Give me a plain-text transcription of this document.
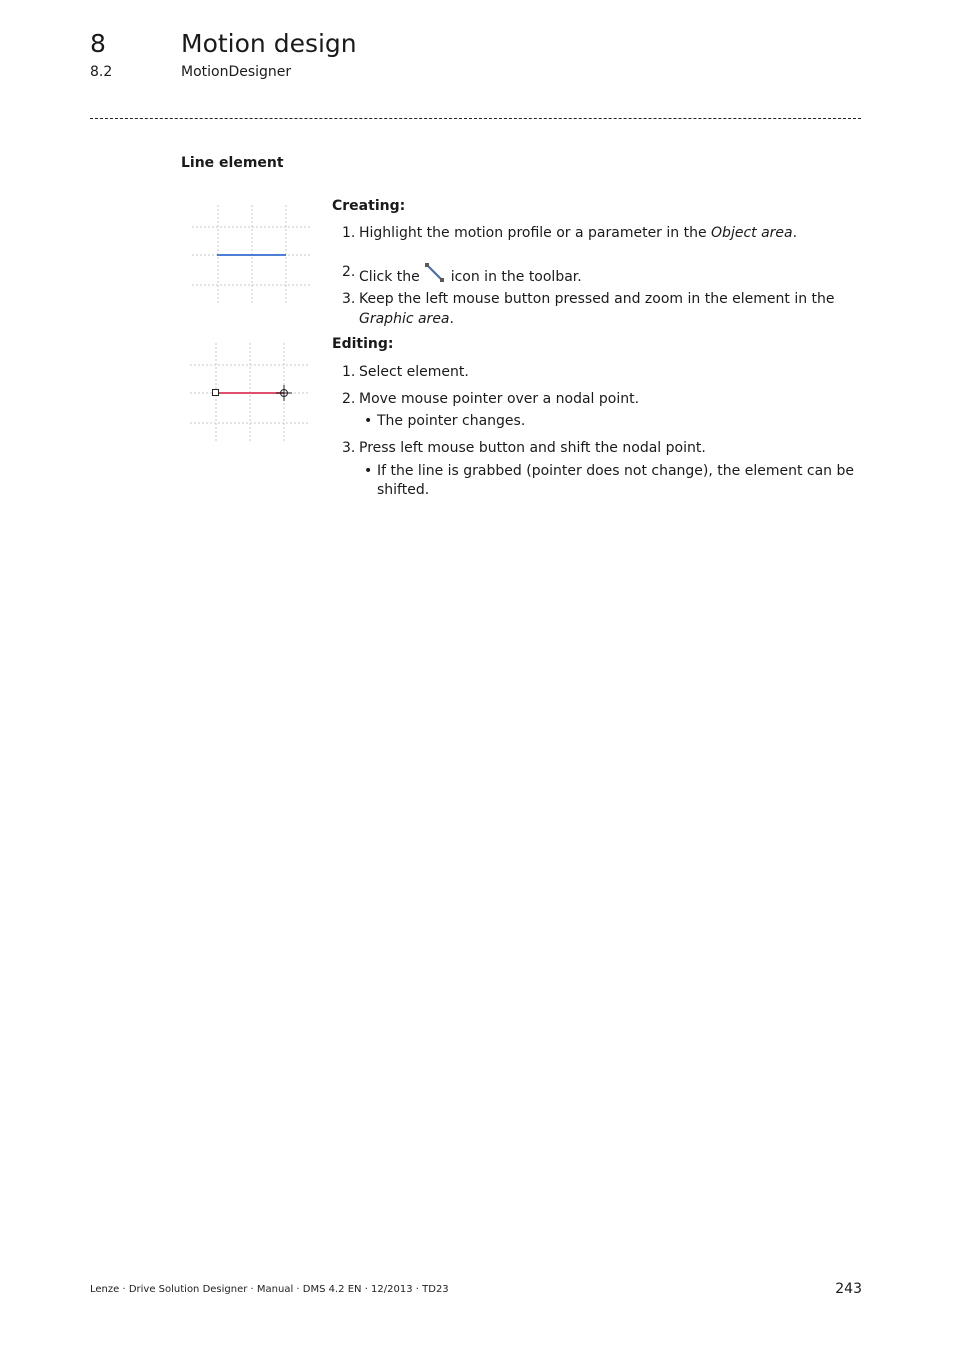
8	Motion design
8.2	MotionDesigner
Line element
Creating:
1. Highlight the motion profile or a parameter in the Object area.
2. Click the
icon in the toolbar.
3. Keep the left mouse button pressed and zoom in the element in the
Graphic area.
Editing:
1. Select element.
2. Move mouse pointer over a nodal point.
• The pointer changes.
3. Press left mouse button and shift the nodal point.
• If the line is grabbed (pointer does not change), the element can be
shifted.
Lenze · Drive Solution Designer · Manual · DMS 4.2 EN · 12/2013 · TD23	243
